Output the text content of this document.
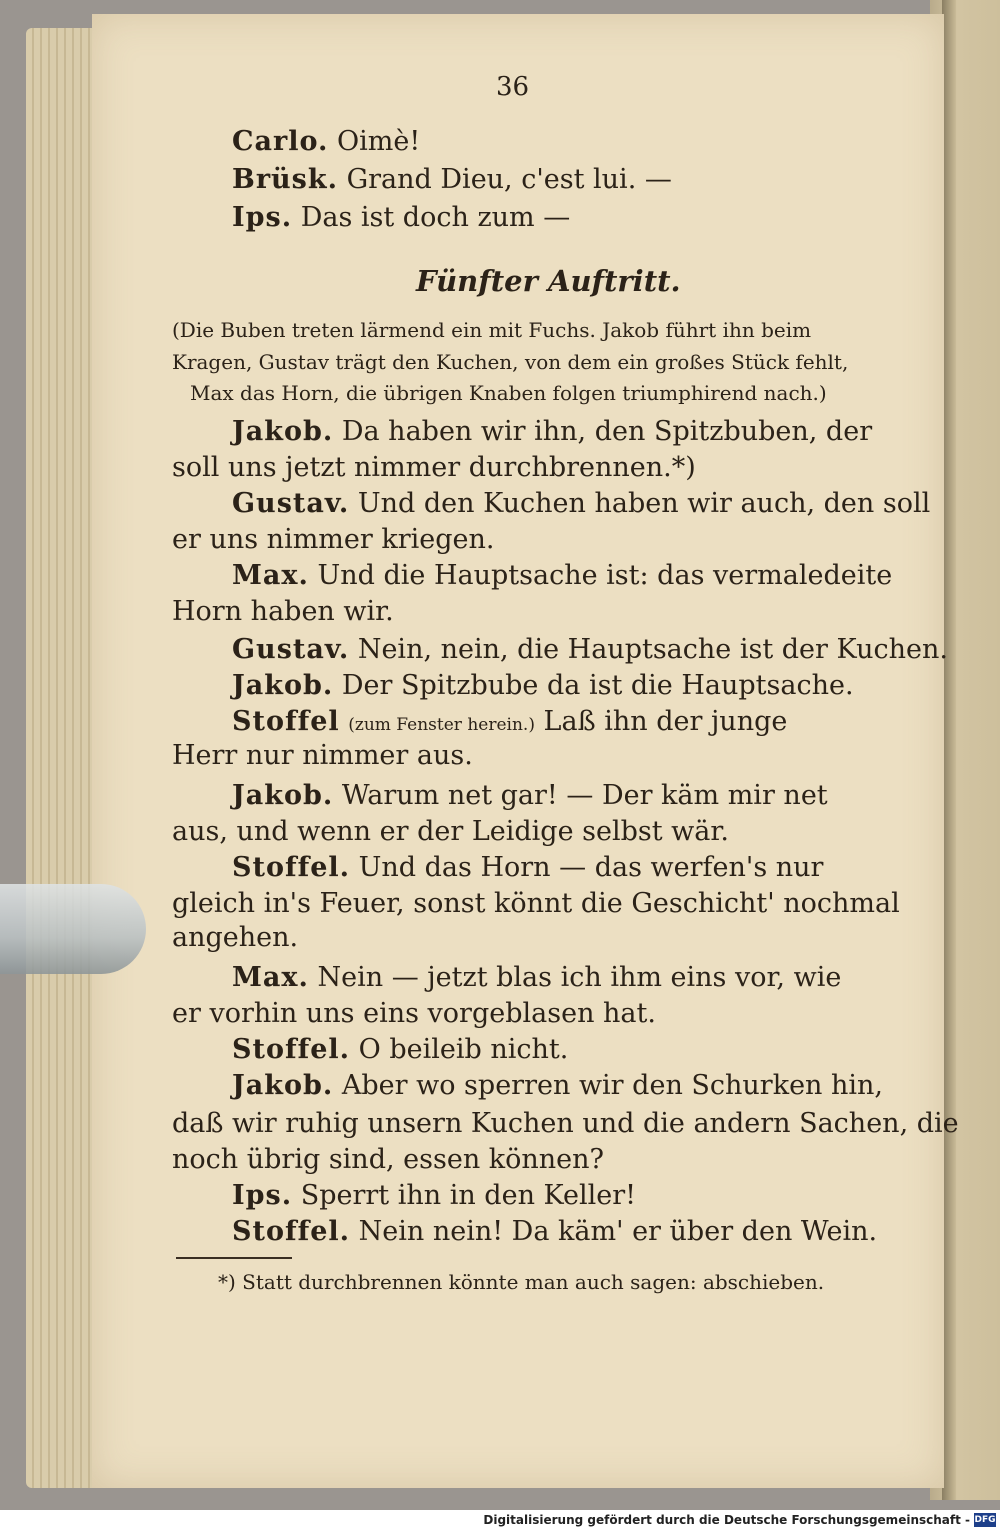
36
Carlo. Oimè!
Brüsk. Grand Dieu, c'est lui. —
Ips. Das ist doch zum —
Fünfter Auftritt.
(Die Buben treten lärmend ein mit Fuchs. Jakob führt ihn beim
Kragen, Gustav trägt den Kuchen, von dem ein großes Stück fehlt,
Max das Horn, die übrigen Knaben folgen triumphirend nach.)
Jakob. Da haben wir ihn, den Spitzbuben, der
soll uns jetzt nimmer durchbrennen.*)
Gustav. Und den Kuchen haben wir auch, den soll
er uns nimmer kriegen.
Max. Und die Hauptsache ist: das vermaledeite
Horn haben wir.
Gustav. Nein, nein, die Hauptsache ist der Kuchen.
Jakob. Der Spitzbube da ist die Hauptsache.
Stoffel (zum Fenster herein.) Laß ihn der junge
Herr nur nimmer aus.
Jakob. Warum net gar! — Der käm mir net
aus, und wenn er der Leidige selbst wär.
Stoffel. Und das Horn — das werfen's nur
gleich in's Feuer, sonst könnt die Geschicht' nochmal
angehen.
Max. Nein — jetzt blas ich ihm eins vor, wie
er vorhin uns eins vorgeblasen hat.
Stoffel. O beileib nicht.
Jakob. Aber wo sperren wir den Schurken hin,
daß wir ruhig unsern Kuchen und die andern Sachen, die
noch übrig sind, essen können?
Ips. Sperrt ihn in den Keller!
Stoffel. Nein nein! Da käm' er über den Wein.
*) Statt durchbrennen könnte man auch sagen: abschieben.
Digitalisierung gefördert durch die Deutsche Forschungsgemeinschaft - DFG
